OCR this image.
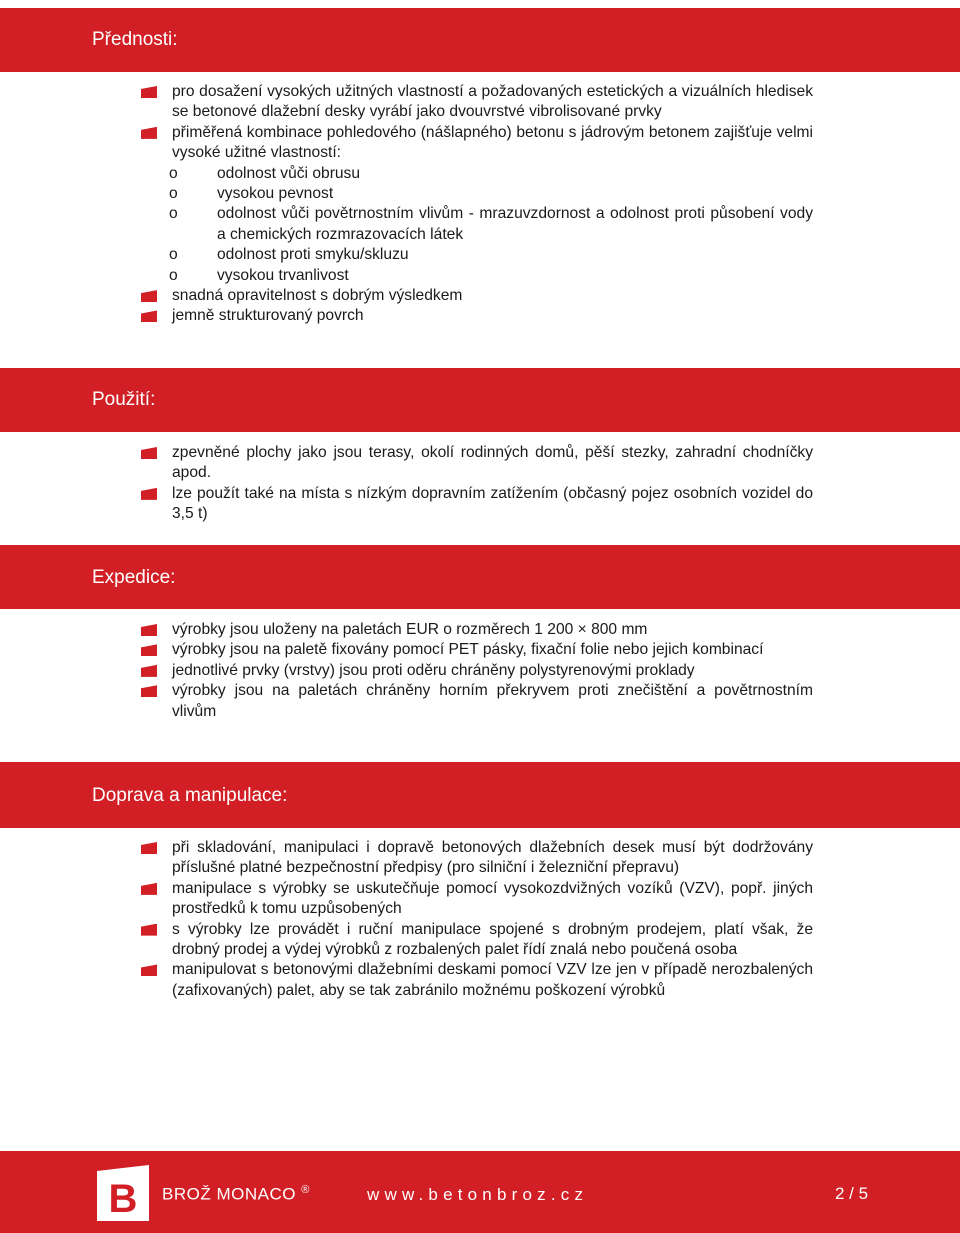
Přednosti:
pro dosažení vysokých užitných vlastností a požadovaných estetických a vizuálních hledisek se betonové dlažební desky vyrábí jako dvouvrstvé vibrolisované prvky
přiměřená kombinace pohledového (nášlapného) betonu s jádrovým betonem zajišťuje velmi vysoké užitné vlastností:
o	odolnost vůči obrusu
o	vysokou pevnost
o	odolnost vůči povětrnostním vlivům - mrazuvzdornost a odolnost proti působení vody a chemických rozmrazovacích látek
o	odolnost proti smyku/skluzu
o	vysokou trvanlivost
snadná opravitelnost s dobrým výsledkem
jemně strukturovaný povrch
Použití:
zpevněné plochy jako jsou terasy, okolí rodinných domů, pěší stezky, zahradní chodníčky apod.
lze použít také na místa s nízkým dopravním zatížením (občasný pojez osobních vozidel do 3,5 t)
Expedice:
výrobky jsou uloženy na paletách EUR o rozměrech 1 200 × 800 mm
výrobky jsou na paletě fixovány pomocí PET pásky, fixační folie nebo jejich kombinací
jednotlivé prvky (vrstvy) jsou proti oděru chráněny polystyrenovými proklady
výrobky jsou na paletách chráněny horním překryvem proti znečištění a povětrnostním vlivům
Doprava a manipulace:
při skladování, manipulaci i dopravě betonových dlažebních desek musí být dodržovány příslušné platné bezpečnostní předpisy (pro silniční i železniční přepravu)
manipulace s výrobky se uskutečňuje pomocí vysokozdvižných vozíků (VZV), popř. jiných prostředků k tomu uzpůsobených
s výrobky lze provádět i ruční manipulace spojené s drobným prodejem, platí však, že drobný prodej a výdej výrobků z rozbalených palet řídí znalá nebo poučená osoba
manipulovat s betonovými dlažebními deskami pomocí VZV lze jen v případě nerozbalených (zafixovaných) palet, aby se tak zabránilo možnému poškození výrobků
B BROŽ MONACO ®	www.betonbroz.cz	2 / 5
